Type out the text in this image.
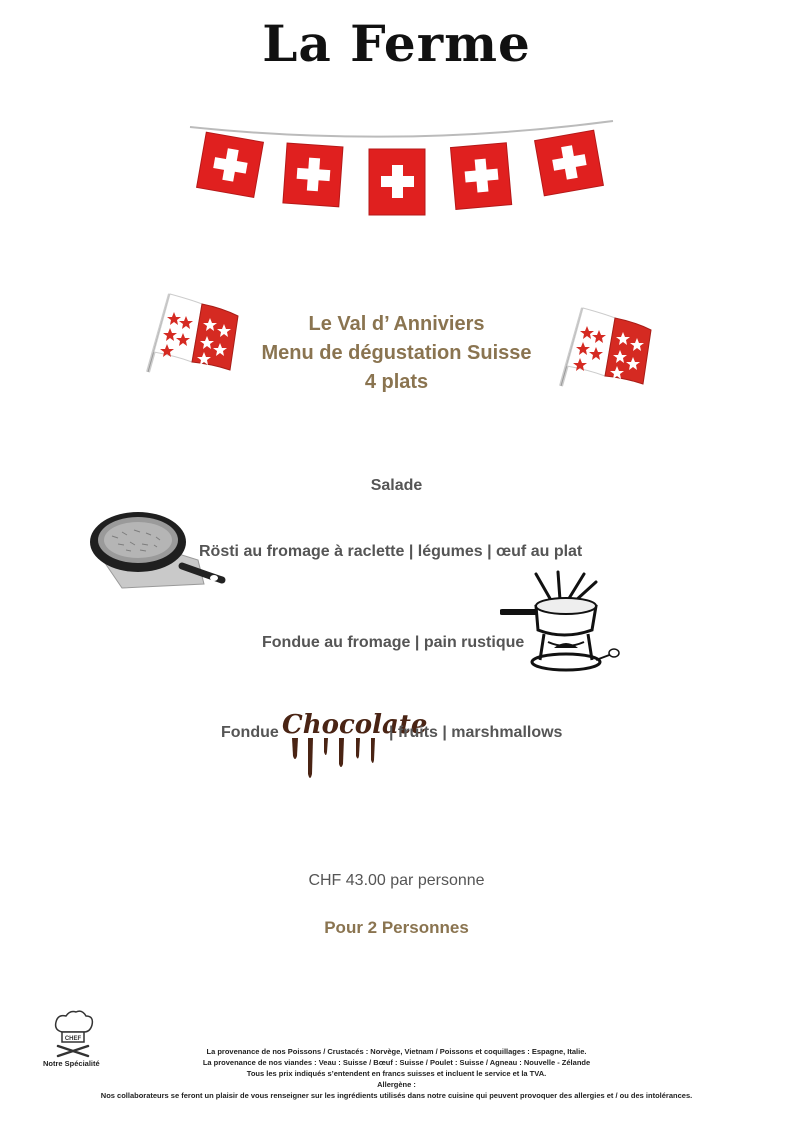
La Ferme
Le Val d’ Anniviers
Menu de dégustation Suisse
4 plats
Salade
Rösti au fromage à raclette | légumes | œuf au plat
Fondue au fromage | pain rustique
Fondue Chocolate
| fruits | marshmallows
CHF 43.00 par personne
Pour 2 Personnes
CHEF
Notre Spécialité
La provenance de nos Poissons / Crustacés : Norvège, Vietnam / Poissons et coquillages : Espagne, Italie.
La provenance de nos viandes : Veau : Suisse / Bœuf : Suisse / Poulet : Suisse / Agneau : Nouvelle - Zélande
Tous les prix indiqués s’entendent en francs suisses et incluent le service et la TVA.
Allergène :
Nos collaborateurs se feront un plaisir de vous renseigner sur les ingrédients utilisés dans notre cuisine qui peuvent provoquer des allergies et / ou des intolérances.
